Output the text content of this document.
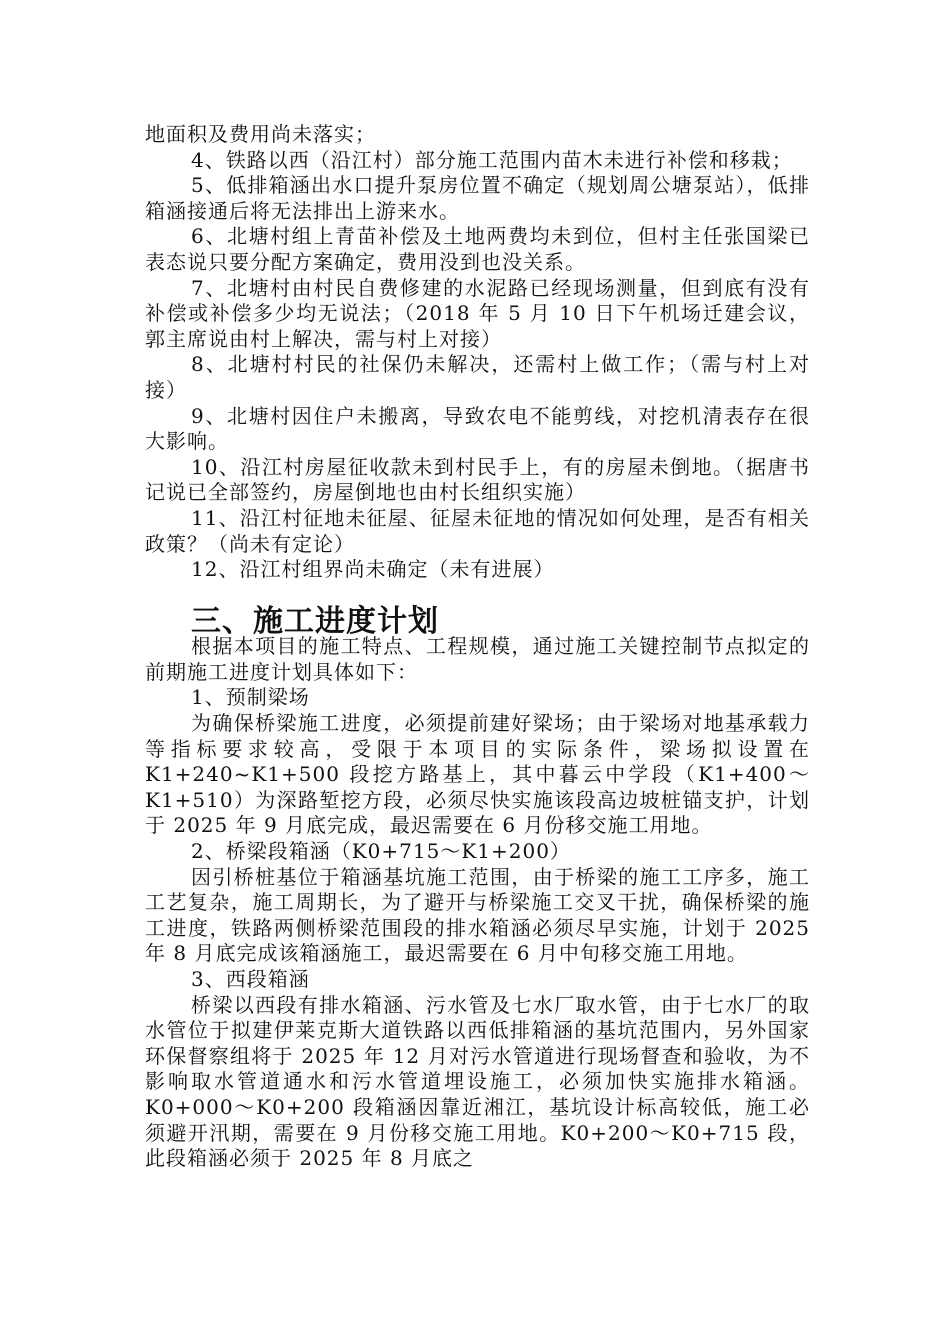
地面积及费用尚未落实；

4、铁路以西（沿江村）部分施工范围内苗木未进行补偿和移栽；

5、低排箱涵出水口提升泵房位置不确定（规划周公塘泵站），低排箱涵接通后将无法排出上游来水。

6、北塘村组上青苗补偿及土地两费均未到位，但村主任张国梁已表态说只要分配方案确定，费用没到也没关系。

7、北塘村由村民自费修建的水泥路已经现场测量，但到底有没有补偿或补偿多少均无说法；（2018 年 5 月 10 日下午机场迁建会议，郭主席说由村上解决，需与村上对接）

8、北塘村村民的社保仍未解决，还需村上做工作；（需与村上对接）

9、北塘村因住户未搬离，导致农电不能剪线，对挖机清表存在很大影响。

10、沿江村房屋征收款未到村民手上，有的房屋未倒地。（据唐书记说已全部签约，房屋倒地也由村长组织实施）

11、沿江村征地未征屋、征屋未征地的情况如何处理，是否有相关政策？（尚未有定论）

12、沿江村组界尚未确定（未有进展）

三、施工进度计划

根据本项目的施工特点、工程规模，通过施工关键控制节点拟定的前期施工进度计划具体如下：

1、预制梁场

为确保桥梁施工进度，必须提前建好梁场；由于梁场对地基承载力等指标要求较高，受限于本项目的实际条件，梁场拟设置在 K1+240~K1+500 段挖方路基上，其中暮云中学段（K1+400～K1+510）为深路堑挖方段，必须尽快实施该段高边坡桩锚支护，计划于 2025 年 9 月底完成，最迟需要在 6 月份移交施工用地。

2、桥梁段箱涵（K0+715～K1+200）

因引桥桩基位于箱涵基坑施工范围，由于桥梁的施工工序多，施工工艺复杂，施工周期长，为了避开与桥梁施工交叉干扰，确保桥梁的施工进度，铁路两侧桥梁范围段的排水箱涵必须尽早实施，计划于 2025 年 8 月底完成该箱涵施工，最迟需要在 6 月中旬移交施工用地。

3、西段箱涵

桥梁以西段有排水箱涵、污水管及七水厂取水管，由于七水厂的取水管位于拟建伊莱克斯大道铁路以西低排箱涵的基坑范围内，另外国家环保督察组将于 2025 年 12 月对污水管道进行现场督查和验收，为不影响取水管道通水和污水管道埋设施工，必须加快实施排水箱涵。K0+000～K0+200 段箱涵因靠近湘江，基坑设计标高较低，施工必须避开汛期，需要在 9 月份移交施工用地。K0+200～K0+715 段，此段箱涵必须于 2025 年 8 月底之
